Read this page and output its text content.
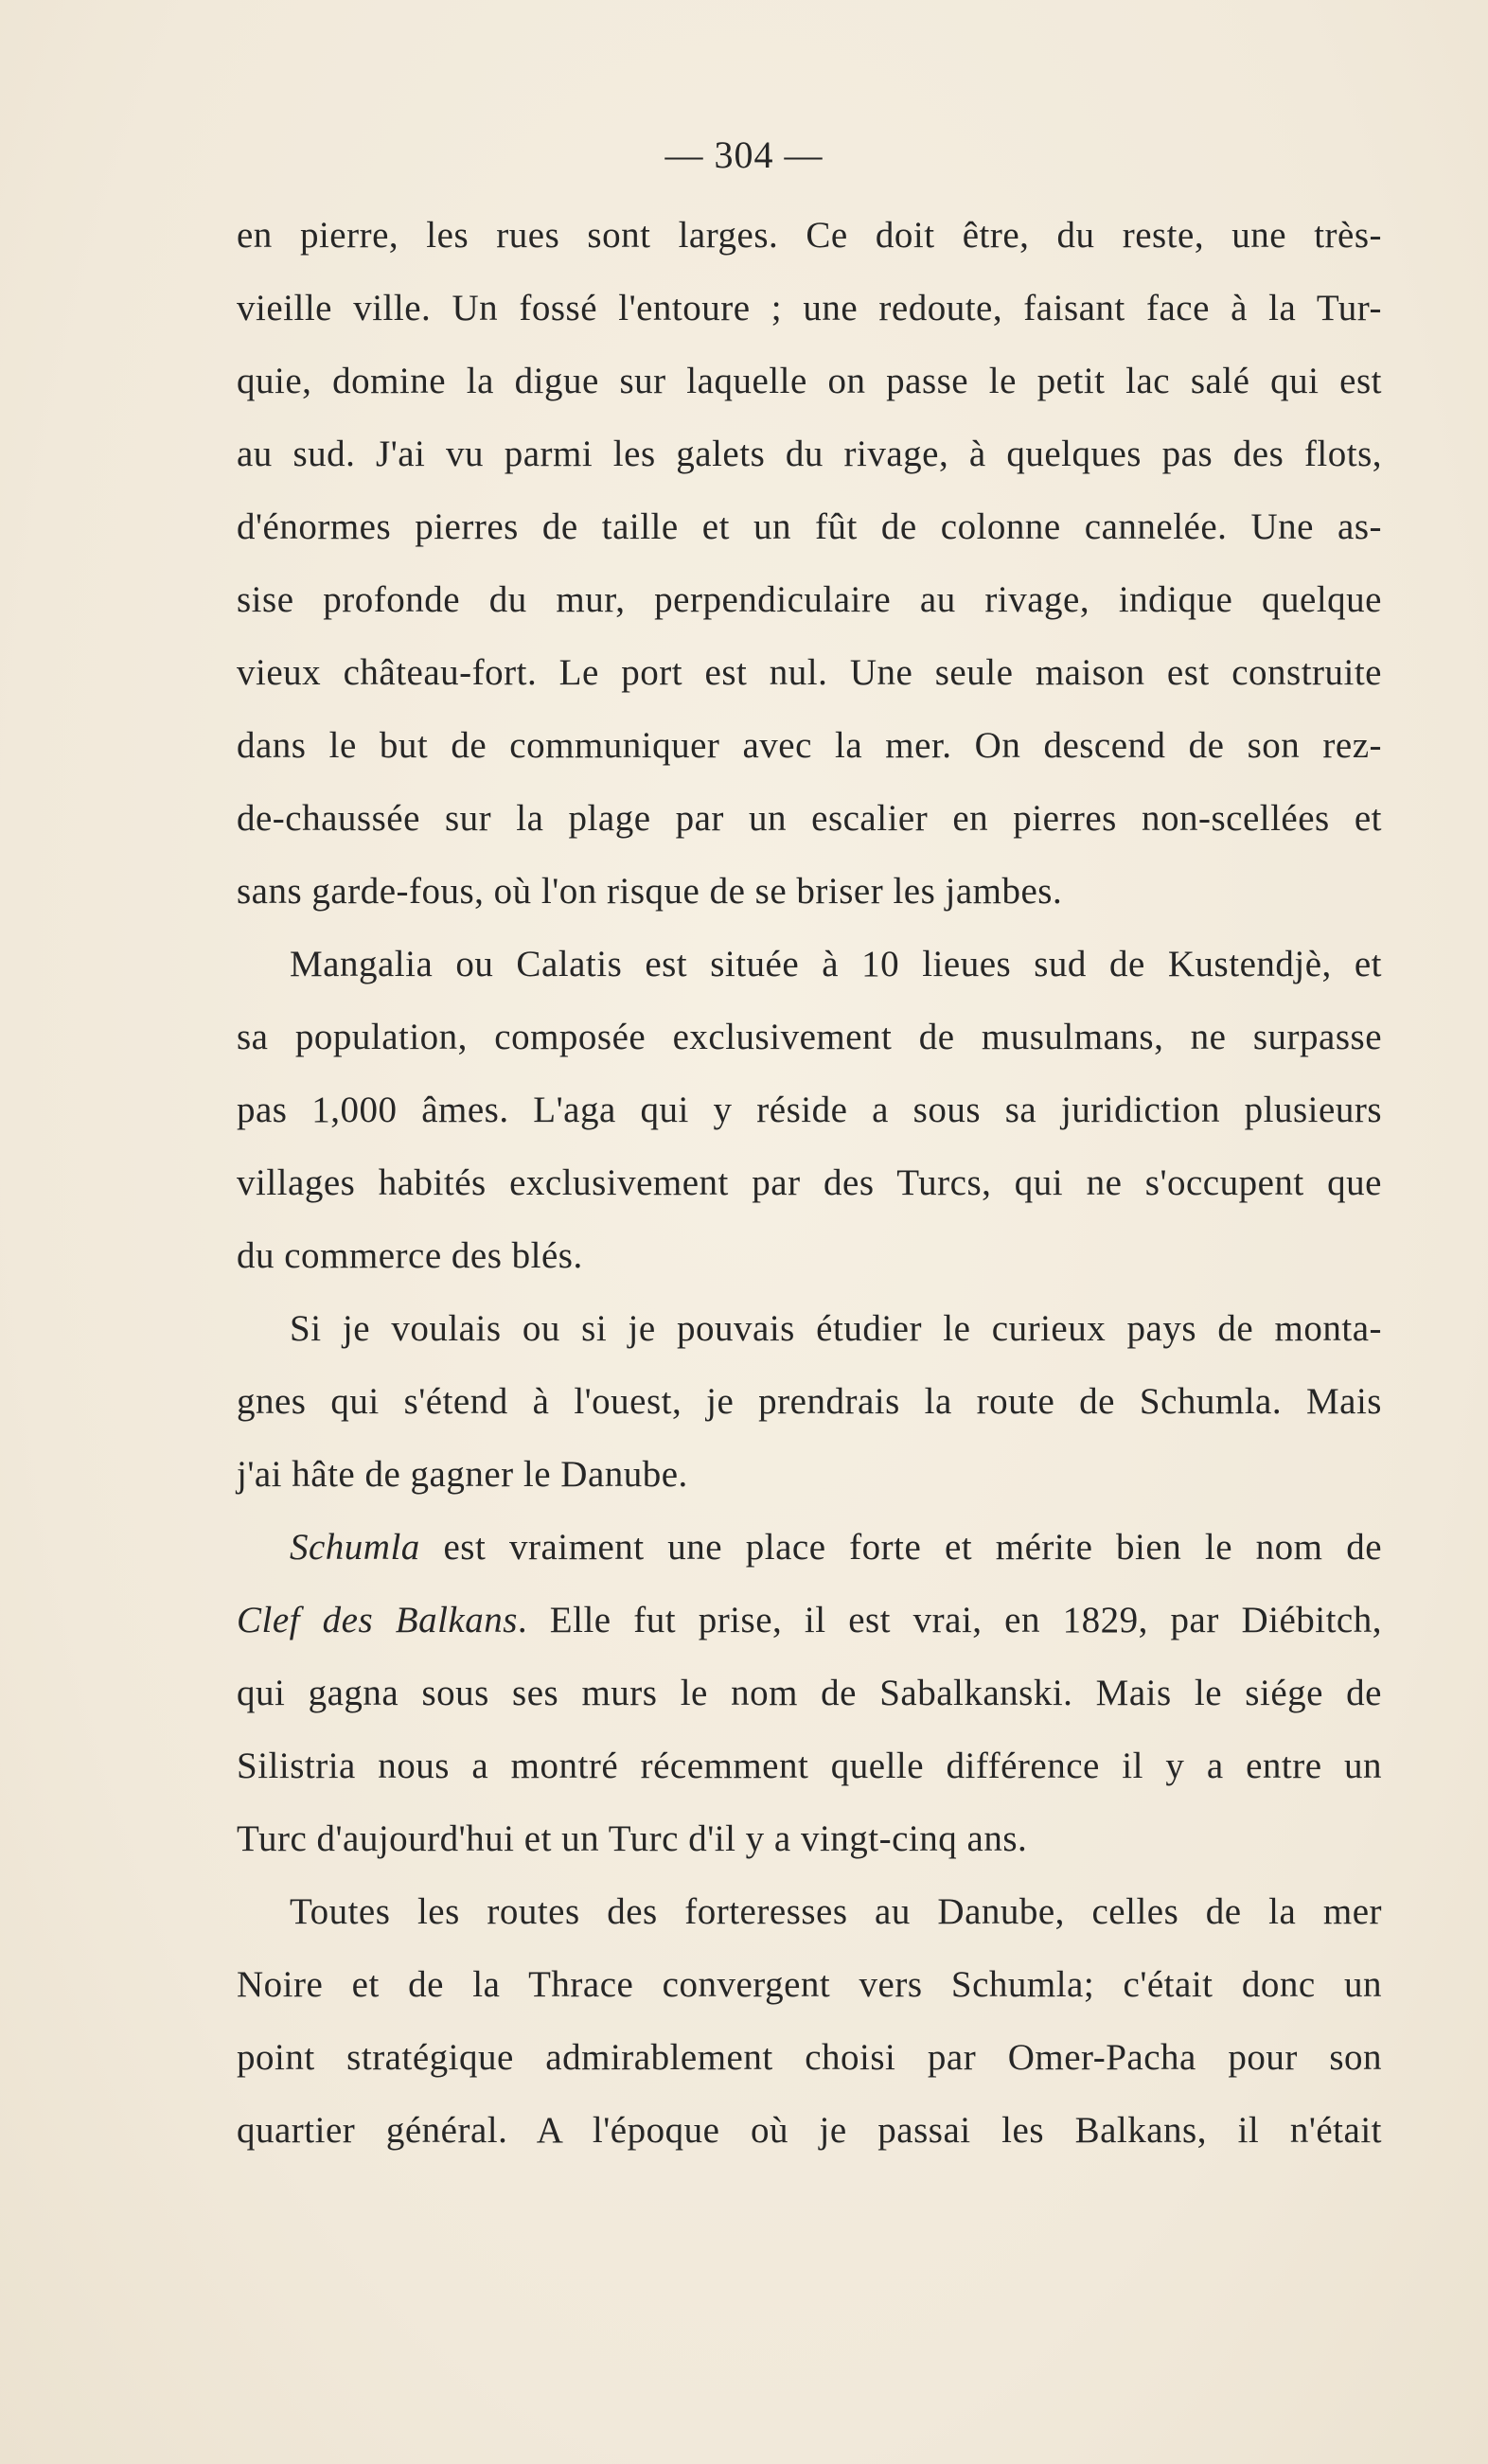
— 304 —
en pierre, les rues sont larges. Ce doit être, du reste, une très-
vieille ville. Un fossé l'entoure ; une redoute, faisant face à la Tur-
quie, domine la digue sur laquelle on passe le petit lac salé qui est
au sud. J'ai vu parmi les galets du rivage, à quelques pas des flots,
d'énormes pierres de taille et un fût de colonne cannelée. Une as-
sise profonde du mur, perpendiculaire au rivage, indique quelque
vieux château-fort. Le port est nul. Une seule maison est construite
dans le but de communiquer avec la mer. On descend de son rez-
de-chaussée sur la plage par un escalier en pierres non-scellées et
sans garde-fous, où l'on risque de se briser les jambes.
Mangalia ou Calatis est située à 10 lieues sud de Kustendjè, et
sa population, composée exclusivement de musulmans, ne surpasse
pas 1,000 âmes. L'aga qui y réside a sous sa juridiction plusieurs
villages habités exclusivement par des Turcs, qui ne s'occupent que
du commerce des blés.
Si je voulais ou si je pouvais étudier le curieux pays de monta-
gnes qui s'étend à l'ouest, je prendrais la route de Schumla. Mais
j'ai hâte de gagner le Danube.
Schumla est vraiment une place forte et mérite bien le nom de
Clef des Balkans. Elle fut prise, il est vrai, en 1829, par Diébitch,
qui gagna sous ses murs le nom de Sabalkanski. Mais le siége de
Silistria nous a montré récemment quelle différence il y a entre un
Turc d'aujourd'hui et un Turc d'il y a vingt-cinq ans.
Toutes les routes des forteresses au Danube, celles de la mer
Noire et de la Thrace convergent vers Schumla; c'était donc un
point stratégique admirablement choisi par Omer-Pacha pour son
quartier général. A l'époque où je passai les Balkans, il n'était
